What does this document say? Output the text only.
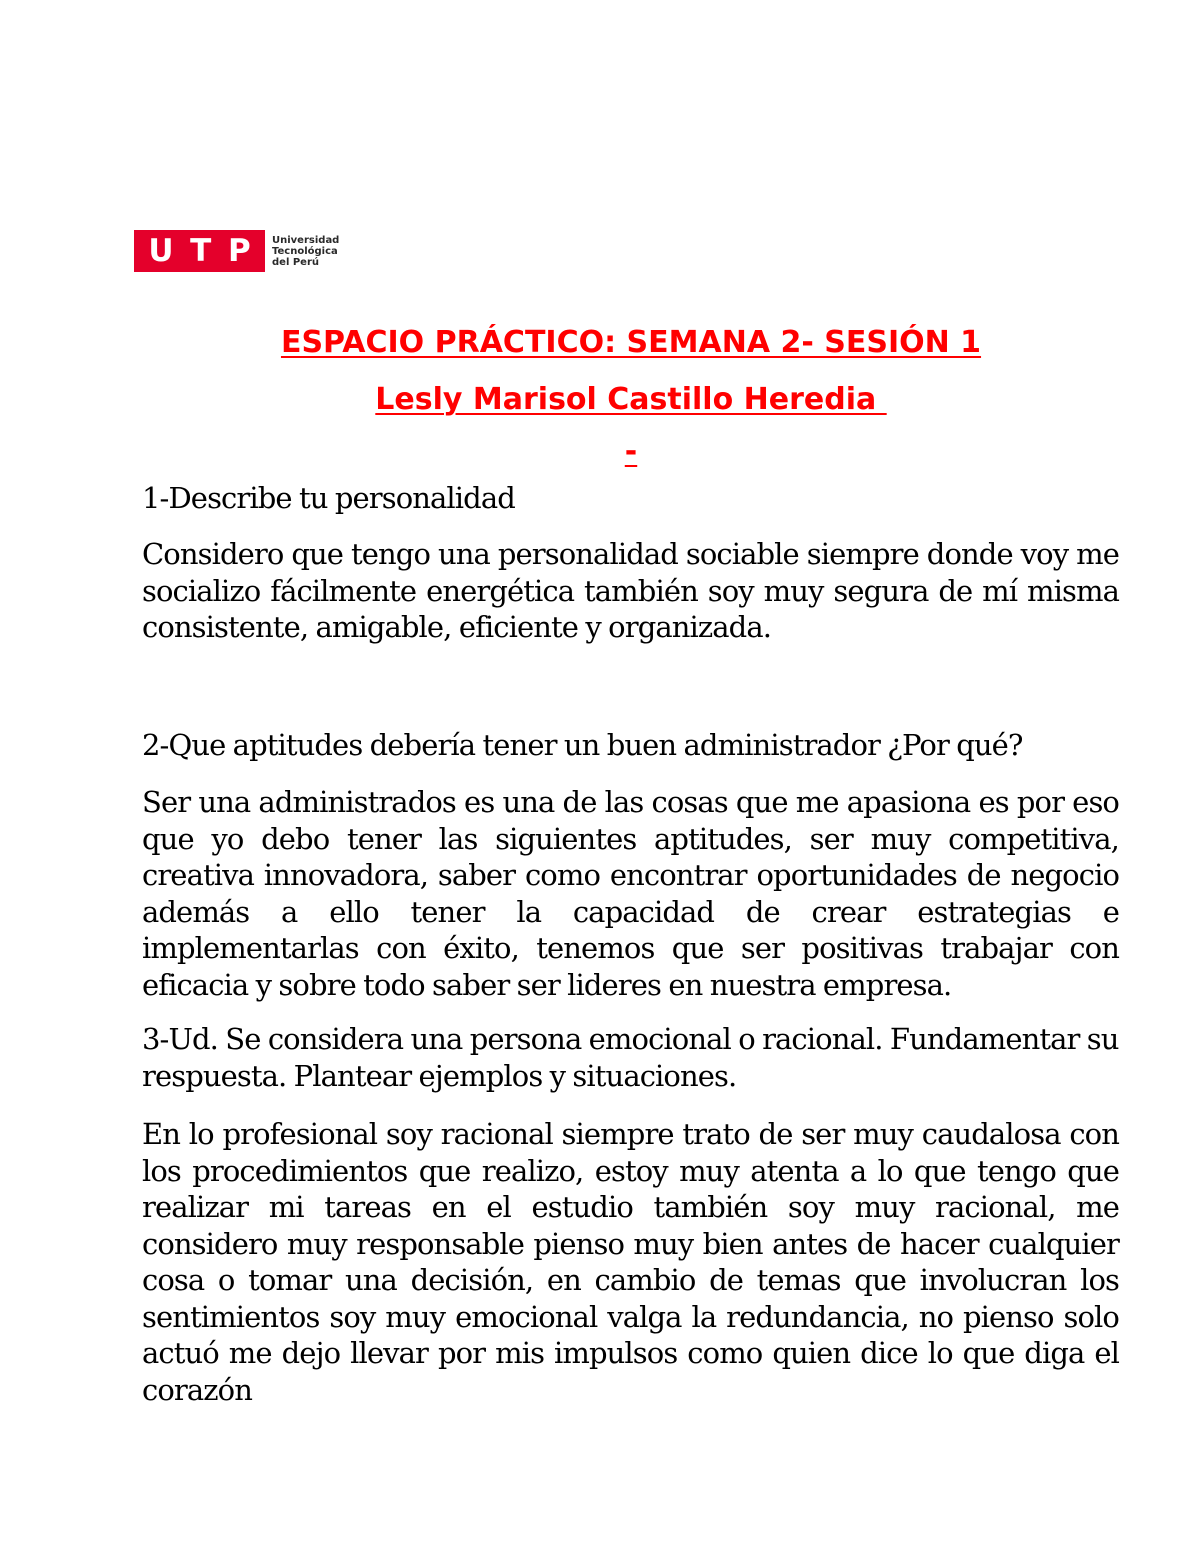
U T P Universidad
Tecnológica
del Perú
ESPACIO PRÁCTICO: SEMANA 2- SESIÓN 1
Lesly Marisol Castillo Heredia
-
1-Describe tu personalidad
Considero que tengo una personalidad sociable siempre donde voy me socializo fácilmente energética también soy muy segura de mí misma consistente, amigable, eficiente y organizada.
2-Que aptitudes debería tener un buen administrador ¿Por qué?
Ser una administrados es una de las cosas que me apasiona es por eso que yo debo tener las siguientes aptitudes, ser muy competitiva, creativa innovadora, saber como encontrar oportunidades de negocio además a ello tener la capacidad de crear estrategias e implementarlas con éxito, tenemos que ser positivas trabajar con eficacia y sobre todo saber ser lideres en nuestra empresa.
3-Ud. Se considera una persona emocional o racional. Fundamentar su respuesta. Plantear ejemplos y situaciones.
En lo profesional soy racional siempre trato de ser muy caudalosa con los procedimientos que realizo, estoy muy atenta a lo que tengo que realizar mi tareas en el estudio también soy muy racional, me considero muy responsable pienso muy bien antes de hacer cualquier cosa o tomar una decisión, en cambio de temas que involucran los sentimientos soy muy emocional valga la redundancia, no pienso solo actuó me dejo llevar por mis impulsos como quien dice lo que diga el corazón
